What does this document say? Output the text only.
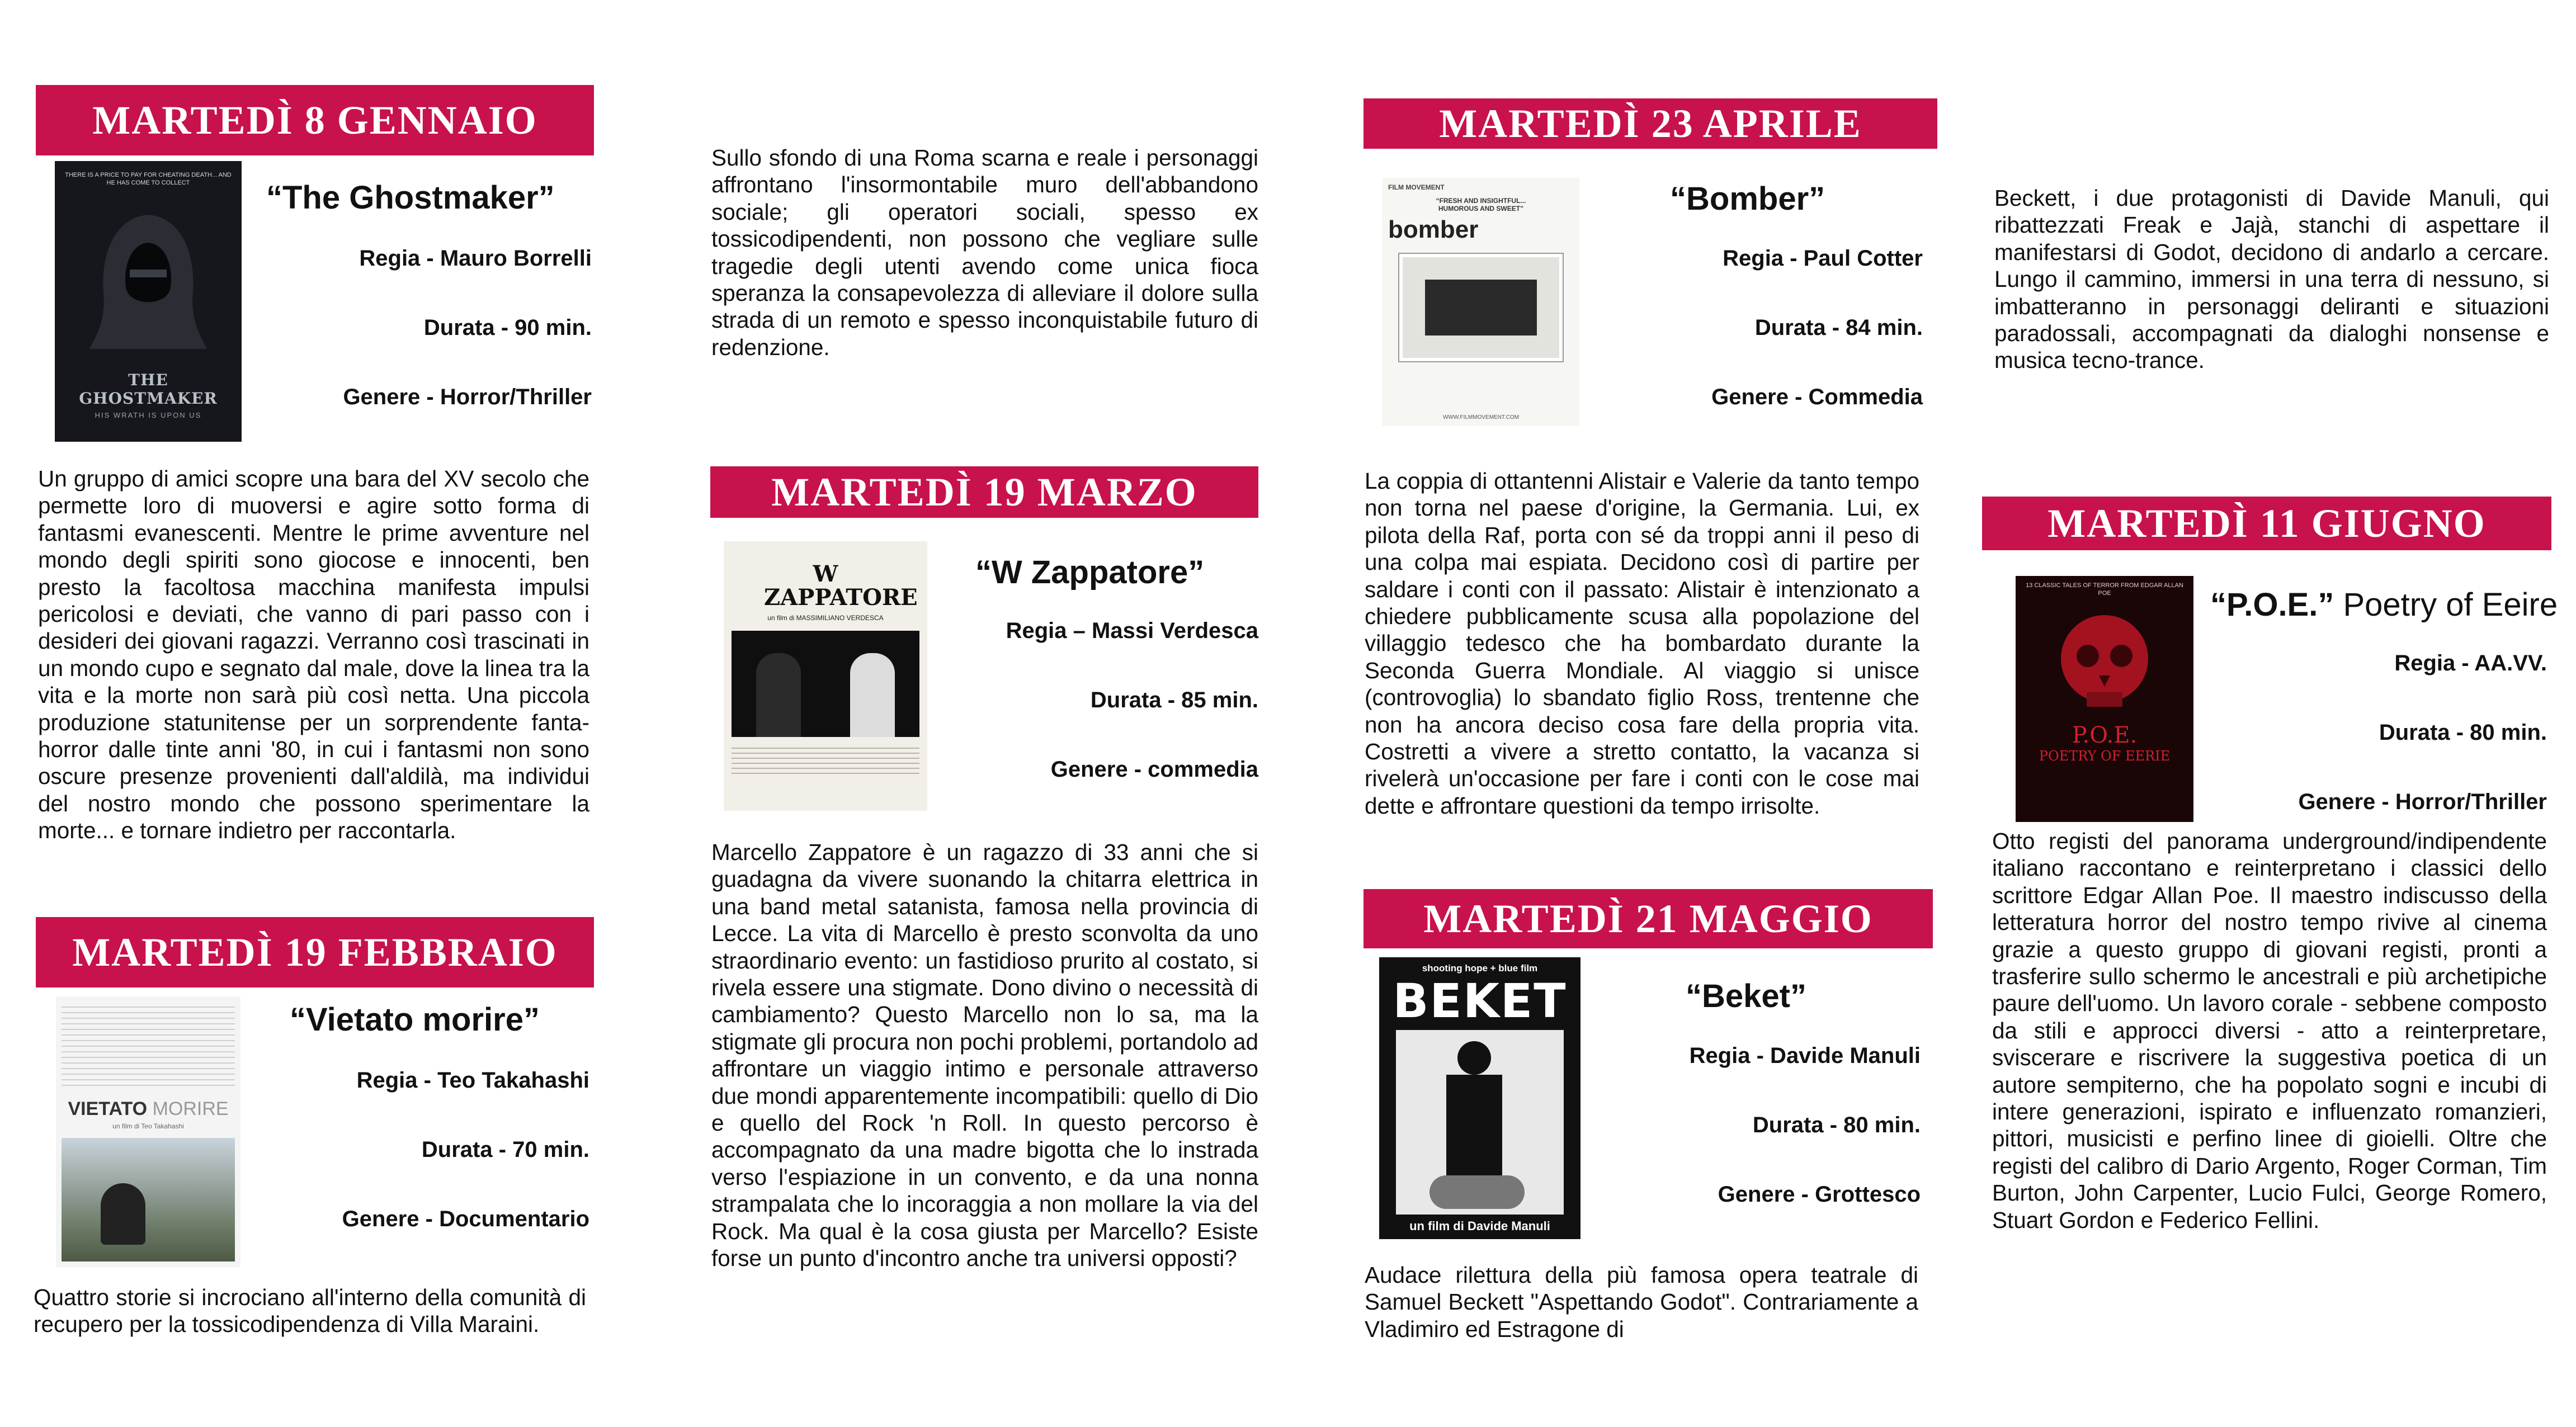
MARTEDÌ 8 GENNAIO
THERE IS A PRICE TO PAY FOR CHEATING DEATH... AND HE HAS COME TO COLLECT
THE GHOSTMAKER
HIS WRATH IS UPON US
“The Ghostmaker”
Regia - Mauro Borrelli
Durata - 90 min.
Genere - Horror/Thriller

Un gruppo di amici scopre una bara del XV secolo che permette loro di muoversi e agire sotto forma di fantasmi evanescenti. Mentre le prime avventure nel mondo degli spiriti sono giocose e innocenti, ben presto la facoltosa macchina manifesta impulsi pericolosi e deviati, che vanno di pari passo con i desideri dei giovani ragazzi. Verranno così trascinati in un mondo cupo e segnato dal male, dove la linea tra la vita e la morte non sarà più così netta. Una piccola produzione statunitense per un sorprendente fanta-horror dalle tinte anni '80, in cui i fantasmi non sono oscure presenze provenienti dall'aldilà, ma individui del nostro mondo che possono sperimentare la morte... e tornare indietro per raccontarla.

MARTEDÌ 19 FEBBRAIO
VIETATO MORIRE
un film di Teo Takahashi
“Vietato morire”
Regia - Teo Takahashi
Durata - 70 min.
Genere - Documentario

Quattro storie si incrociano all'interno della comunità di recupero per la tossicodipendenza di Villa Maraini.

Sullo sfondo di una Roma scarna e reale i personaggi affrontano l'insormontabile muro dell'abbandono sociale; gli operatori sociali, spesso ex tossicodipendenti, non possono che vegliare sulle tragedie degli utenti avendo come unica fioca speranza la consapevolezza di alleviare il dolore sulla strada di un remoto e spesso inconquistabile futuro di redenzione.

MARTEDÌ 19 MARZO
W ZAPPATORE
un film di MASSIMILIANO VERDESCA
“W Zappatore”
Regia – Massi Verdesca
Durata - 85 min.
Genere - commedia

Marcello Zappatore è un ragazzo di 33 anni che si guadagna da vivere suonando la chitarra elettrica in una band metal satanista, famosa nella provincia di Lecce. La vita di Marcello è presto sconvolta da uno straordinario evento: un fastidioso prurito al costato, si rivela essere una stigmate. Dono divino o necessità di cambiamento? Questo Marcello non lo sa, ma la stigmate gli procura non pochi problemi, portandolo ad affrontare un viaggio intimo e personale attraverso due mondi apparentemente incompatibili: quello di Dio e quello del Rock 'n Roll. In questo percorso è accompagnato da una madre bigotta che lo instrada verso l'espiazione in un convento, e da una nonna strampalata che lo incoraggia a non mollare la via del Rock. Ma qual è la cosa giusta per Marcello? Esiste forse un punto d'incontro anche tra universi opposti?

MARTEDÌ 23 APRILE
FILM MOVEMENT
“FRESH AND INSIGHTFUL... HUMOROUS AND SWEET”
bomber
WWW.FILMMOVEMENT.COM
“Bomber”
Regia - Paul Cotter
Durata - 84 min.
Genere - Commedia

La coppia di ottantenni Alistair e Valerie da tanto tempo non torna nel paese d'origine, la Germania. Lui, ex pilota della Raf, porta con sé da troppi anni il peso di una colpa mai espiata. Decidono così di partire per saldare i conti con il passato: Alistair è intenzionato a chiedere pubblicamente scusa alla popolazione del villaggio tedesco che ha bombardato durante la Seconda Guerra Mondiale. Al viaggio si unisce (controvoglia) lo sbandato figlio Ross, trentenne che non ha ancora deciso cosa fare della propria vita. Costretti a vivere a stretto contatto, la vacanza si rivelerà un'occasione per fare i conti con le cose mai dette e affrontare questioni da tempo irrisolte.

MARTEDÌ 21 MAGGIO
shooting hope + blue film
BEKET
un film di Davide Manuli
“Beket”
Regia - Davide Manuli
Durata - 80 min.
Genere - Grottesco

Audace rilettura della più famosa opera teatrale di Samuel Beckett "Aspettando Godot". Contrariamente a Vladimiro ed Estragone di

Beckett, i due protagonisti di Davide Manuli, qui ribattezzati Freak e Jajà, stanchi di aspettare il manifestarsi di Godot, decidono di andarlo a cercare. Lungo il cammino, immersi in una terra di nessuno, si imbatteranno in personaggi deliranti e situazioni paradossali, accompagnati da dialoghi nonsense e musica tecno-trance.

MARTEDÌ 11 GIUGNO
13 CLASSIC TALES OF TERROR FROM EDGAR ALLAN POE
P.O.E.
POETRY OF EERIE
“P.O.E.” Poetry of Eeire
Regia - AA.VV.
Durata - 80 min.
Genere - Horror/Thriller

Otto registi del panorama underground/indipendente italiano raccontano e reinterpretano i classici dello scrittore Edgar Allan Poe. Il maestro indiscusso della letteratura horror del nostro tempo rivive al cinema grazie a questo gruppo di giovani registi, pronti a trasferire sullo schermo le ancestrali e più archetipiche paure dell'uomo. Un lavoro corale - sebbene composto da stili e approcci diversi - atto a reinterpretare, sviscerare e riscrivere la suggestiva poetica di un autore sempiterno, che ha popolato sogni e incubi di intere generazioni, ispirato e influenzato romanzieri, pittori, musicisti e perfino linee di gioielli. Oltre che registi del calibro di Dario Argento, Roger Corman, Tim Burton, John Carpenter, Lucio Fulci, George Romero, Stuart Gordon e Federico Fellini.
